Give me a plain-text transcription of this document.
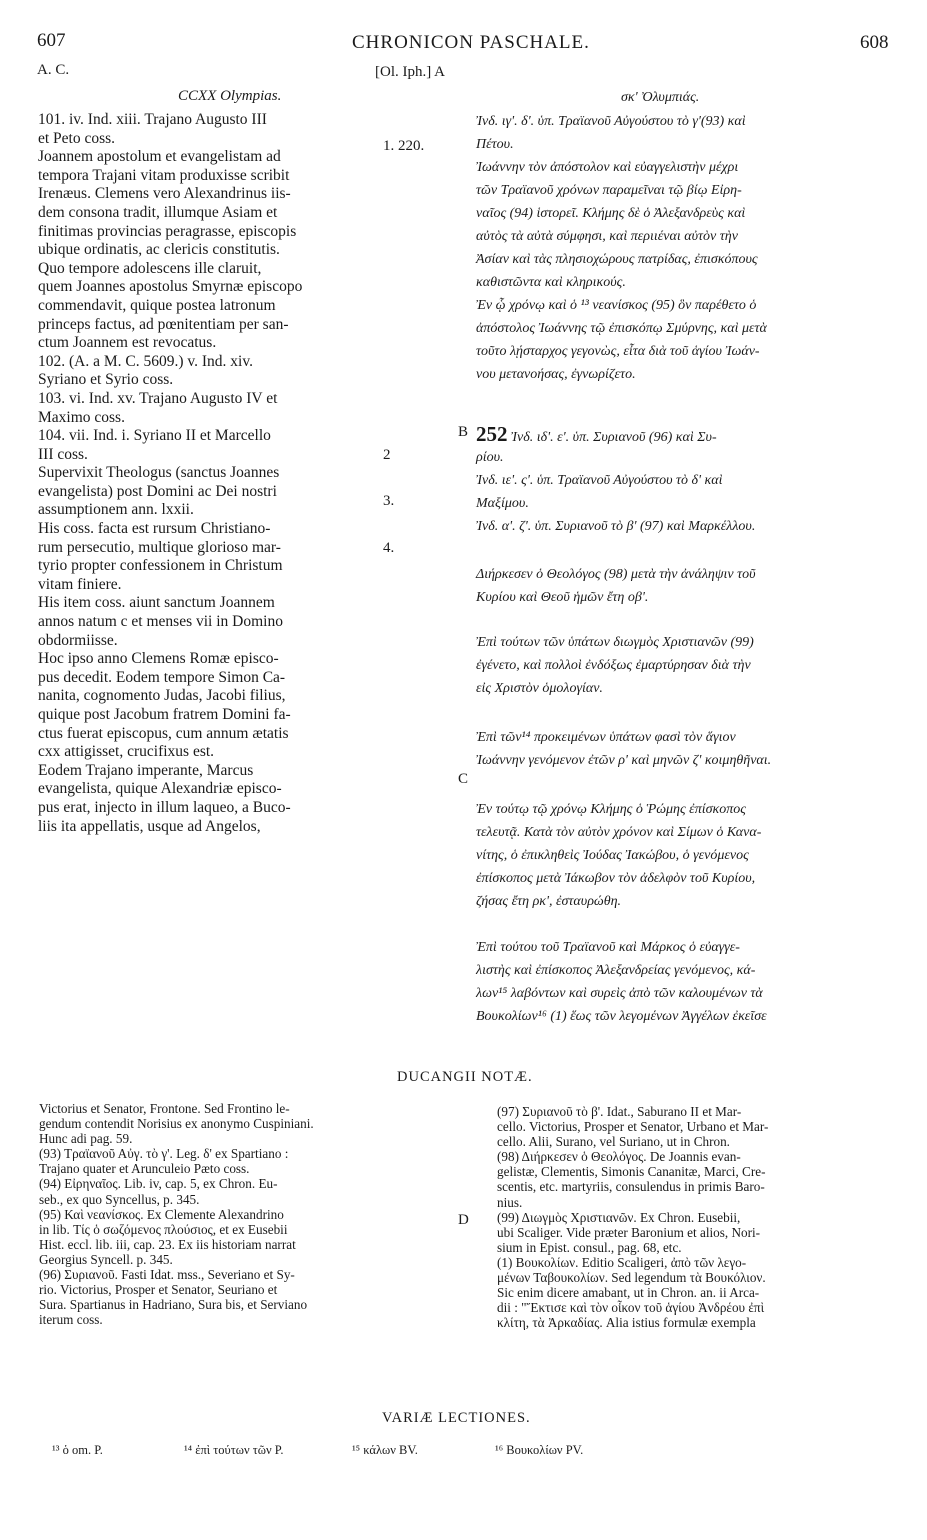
607	CHRONICON PASCHALE.	608
A. C.	[Ol. Iph.] A
CCXX Olympias.
101. iv. Ind. xiii. Trajano Augusto III
et Peto coss.
Joannem apostolum et evangelistam ad
tempora Trajani vitam produxisse scribit
Irenæus. Clemens vero Alexandrinus iis-
dem consona tradit, illumque Asiam et
finitimas provincias peragrasse, episcopis
ubique ordinatis, ac clericis constitutis.
Quo tempore adolescens ille claruit,
quem Joannes apostolus Smyrnæ episcopo
commendavit, quique postea latronum
princeps factus, ad pœnitentiam per san-
ctum Joannem est revocatus.
102. (A. a M. C. 5609.) v. Ind. xiv.
Syriano et Syrio coss.
103. vi. Ind. xv. Trajano Augusto IV et
Maximo coss.
104. vii. Ind. i. Syriano II et Marcello
III coss.
Supervixit Theologus (sanctus Joannes
evangelista) post Domini ac Dei nostri
assumptionem ann. lxxii.
His coss. facta est rursum Christiano-
rum persecutio, multique glorioso mar-
tyrio propter confessionem in Christum
vitam finiere.
His item coss. aiunt sanctum Joannem
annos natum c et menses vii in Domino
obdormiisse.
Hoc ipso anno Clemens Romæ episco-
pus decedit. Eodem tempore Simon Ca-
nanita, cognomento Judas, Jacobi filius,
quique post Jacobum fratrem Domini fa-
ctus fuerat episcopus, cum annum ætatis
cxx attigisset, crucifixus est.
Eodem Trajano imperante, Marcus
evangelista, quique Alexandriæ episco-
pus erat, injecto in illum laqueo, a Buco-
liis ita appellatis, usque ad Angelos,
1. 220.
2
3.
4.
B
C
D
σκ' Ὀλυμπιάς.
Ἰνδ. ιγ'. δ'. ὑπ. Τραϊανοῦ Αὐγούστου τὸ γ'(93) καὶ
Πέτου.
Ἰωάννην τὸν ἀπόστολον καὶ εὐαγγελιστὴν μέχρι
τῶν Τραϊανοῦ χρόνων παραμεῖναι τῷ βίῳ Εἰρη-
ναῖος (94) ἱστορεῖ. Κλήμης δὲ ὁ Ἀλεξανδρεὺς καὶ
αὐτὸς τὰ αὐτὰ σύμφησι, καὶ περιιέναι αὐτὸν τὴν
Ἀσίαν καὶ τὰς πλησιοχώρους πατρίδας, ἐπισκόπους
καθιστῶντα καὶ κληρικούς.
Ἐν ᾧ χρόνῳ καὶ ὁ ¹³ νεανίσκος (95) ὃν παρέθετο ὁ
ἀπόστολος Ἰωάννης τῷ ἐπισκόπῳ Σμύρνης, καὶ μετὰ
τοῦτο λῄσταρχος γεγονὼς, εἶτα διὰ τοῦ ἁγίου Ἰωάν-
νου μετανοήσας, ἐγνωρίζετο.
252 Ἰνδ. ιδ'. ε'. ὑπ. Συριανοῦ (96) καὶ Συ-
ρίου.
Ἰνδ. ιε'. ς'. ὑπ. Τραϊανοῦ Αὐγούστου τὸ δ' καὶ
Μαξίμου.
Ἰνδ. α'. ζ'. ὑπ. Συριανοῦ τὸ β' (97) καὶ Μαρκέλλου.
Διήρκεσεν ὁ Θεολόγος (98) μετὰ τὴν ἀνάληψιν τοῦ
Κυρίου καὶ Θεοῦ ἡμῶν ἔτη οβ'.
Ἐπὶ τούτων τῶν ὑπάτων διωγμὸς Χριστιανῶν (99)
ἐγένετο, καὶ πολλοὶ ἐνδόξως ἐμαρτύρησαν διὰ τὴν
εἰς Χριστὸν ὁμολογίαν.
Ἐπὶ τῶν¹⁴ προκειμένων ὑπάτων φασὶ τὸν ἅγιον
Ἰωάννην γενόμενον ἐτῶν ρ' καὶ μηνῶν ζ' κοιμηθῆναι.
Ἐν τούτῳ τῷ χρόνῳ Κλήμης ὁ Ῥώμης ἐπίσκοπος
τελευτᾷ. Κατὰ τὸν αὐτὸν χρόνον καὶ Σίμων ὁ Κανα-
νίτης, ὁ ἐπικληθεὶς Ἰούδας Ἰακώβου, ὁ γενόμενος
ἐπίσκοπος μετὰ Ἰάκωβον τὸν ἀδελφὸν τοῦ Κυρίου,
ζήσας ἔτη ρκ', ἐσταυρώθη.
Ἐπὶ τούτου τοῦ Τραϊανοῦ καὶ Μάρκος ὁ εὐαγγε-
λιστὴς καὶ ἐπίσκοπος Ἀλεξανδρείας γενόμενος, κά-
λων¹⁵ λαβόντων καὶ συρεὶς ἀπὸ τῶν καλουμένων τὰ
Βουκολίων¹⁶ (1) ἕως τῶν λεγομένων Ἀγγέλων ἐκεῖσε
DUCANGII NOTÆ.
Victorius et Senator, Frontone. Sed Frontino le-
gendum contendit Norisius ex anonymo Cuspiniani.
Hunc adi pag. 59.
(93) Τραϊανοῦ Αὐγ. τὸ γ'. Leg. δ' ex Spartiano :
Trajano quater et Arunculeio Pæto coss.
(94) Εἰρηναῖος. Lib. iv, cap. 5, ex Chron. Eu-
seb., ex quo Syncellus, p. 345.
(95) Καὶ νεανίσκος. Ex Clemente Alexandrino
in lib. Τίς ὁ σωζόμενος πλούσιος, et ex Eusebii
Hist. eccl. lib. iii, cap. 23. Ex iis historiam narrat
Georgius Syncell. p. 345.
(96) Συριανοῦ. Fasti Idat. mss., Severiano et Sy-
rio. Victorius, Prosper et Senator, Seuriano et
Sura. Spartianus in Hadriano, Sura bis, et Serviano
iterum coss.
(97) Συριανοῦ τὸ β'. Idat., Saburano II et Mar-
cello. Victorius, Prosper et Senator, Urbano et Mar-
cello. Alii, Surano, vel Suriano, ut in Chron.
(98) Διήρκεσεν ὁ Θεολόγος. De Joannis evan-
gelistæ, Clementis, Simonis Cananitæ, Marci, Cre-
scentis, etc. martyriis, consulendus in primis Baro-
nius.
(99) Διωγμὸς Χριστιανῶν. Ex Chron. Eusebii,
ubi Scaliger. Vide præter Baronium et alios, Nori-
sium in Epist. consul., pag. 68, etc.
(1) Βουκολίων. Editio Scaligeri, ἀπὸ τῶν λεγο-
μένων Ταβουκολίων. Sed legendum τὰ Βουκόλιον.
Sic enim dicere amabant, ut in Chron. an. ii Arca-
dii : "Ἔκτισε καὶ τὸν οἶκον τοῦ ἁγίου Ἀνδρέου ἐπὶ
κλίτη, τὰ Ἀρκαδίας. Alia istius formulæ exempla
VARIÆ LECTIONES.
¹³ ὁ om. P.	¹⁴ ἐπὶ τούτων τῶν P.	¹⁵ κάλων BV.	¹⁶ Βουκολίων PV.
